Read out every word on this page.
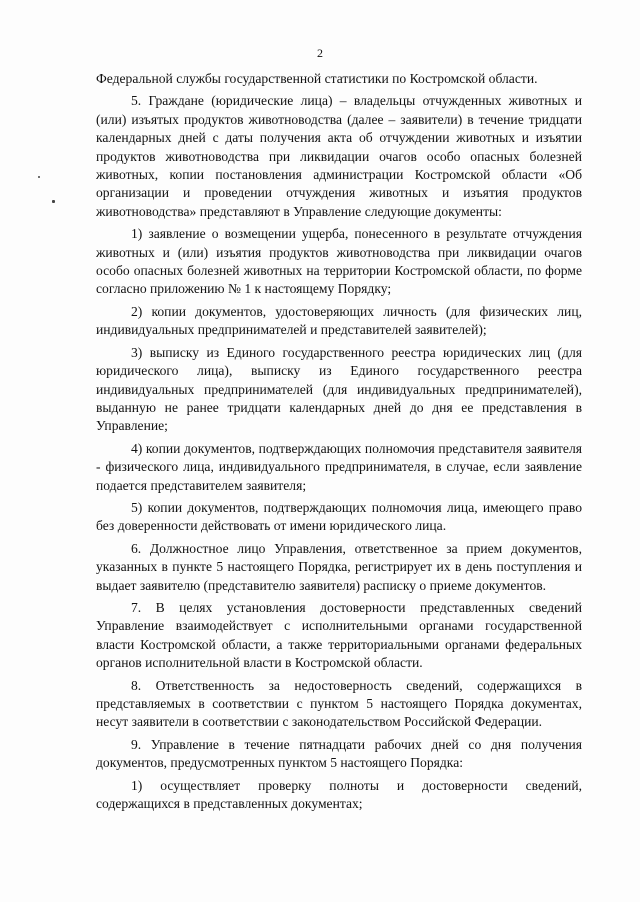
2

Федеральной службы государственной статистики по Костромской области.

5. Граждане (юридические лица) – владельцы отчужденных животных и (или) изъятых продуктов животноводства (далее – заявители) в течение тридцати календарных дней с даты получения акта об отчуждении животных и изъятии продуктов животноводства при ликвидации очагов особо опасных болезней животных, копии постановления администрации Костромской области «Об организации и проведении отчуждения животных и изъятия продуктов животноводства» представляют в Управление следующие документы:

1) заявление о возмещении ущерба, понесенного в результате отчуждения животных и (или) изъятия продуктов животноводства при ликвидации очагов особо опасных болезней животных на территории Костромской области, по форме согласно приложению № 1 к настоящему Порядку;

2) копии документов, удостоверяющих личность (для физических лиц, индивидуальных предпринимателей и представителей заявителей);

3) выписку из Единого государственного реестра юридических лиц (для юридического лица), выписку из Единого государственного реестра индивидуальных предпринимателей (для индивидуальных предпринимателей), выданную не ранее тридцати календарных дней до дня ее представления в Управление;

4) копии документов, подтверждающих полномочия представителя заявителя - физического лица, индивидуального предпринимателя, в случае, если заявление подается представителем заявителя;

5) копии документов, подтверждающих полномочия лица, имеющего право без доверенности действовать от имени юридического лица.

6. Должностное лицо Управления, ответственное за прием документов, указанных в пункте 5 настоящего Порядка, регистрирует их в день поступления и выдает заявителю (представителю заявителя) расписку о приеме документов.

7. В целях установления достоверности представленных сведений Управление взаимодействует с исполнительными органами государственной власти Костромской области, а также территориальными органами федеральных органов исполнительной власти в Костромской области.

8. Ответственность за недостоверность сведений, содержащихся в представляемых в соответствии с пунктом 5 настоящего Порядка документах, несут заявители в соответствии с законодательством Российской Федерации.

9. Управление в течение пятнадцати рабочих дней со дня получения документов, предусмотренных пунктом 5 настоящего Порядка:

1) осуществляет проверку полноты и достоверности сведений, содержащихся в представленных документах;
